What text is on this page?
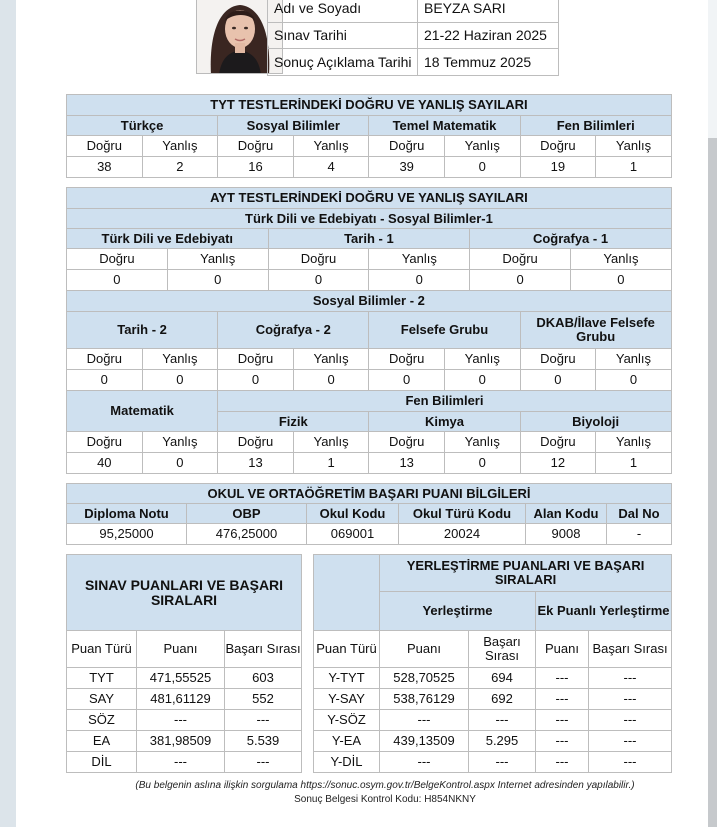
Adı ve Soyadı	BEYZA SARI
Sınav Tarihi	21-22 Haziran 2025
Sonuç Açıklama Tarihi	18 Temmuz 2025
TYT TESTLERİNDEKİ DOĞRU VE YANLIŞ SAYILARI							
Türkçe		Sosyal Bilimler		Temel Matematik		Fen Bilimleri	
Doğru	Yanlış	Doğru	Yanlış	Doğru	Yanlış	Doğru	Yanlış
38	2	16	4	39	0	19	1
AYT TESTLERİNDEKİ DOĞRU VE YANLIŞ SAYILARI					
Türk Dili ve Edebiyatı - Sosyal Bilimler-1					
Türk Dili ve Edebiyatı		Tarih - 1		Coğrafya - 1	
Doğru	Yanlış	Doğru	Yanlış	Doğru	Yanlış
0	0	0	0	0	0
Sosyal Bilimler - 2							
Tarih - 2		Coğrafya - 2		Felsefe Grubu		DKAB/İlave Felsefe Grubu	
Doğru	Yanlış	Doğru	Yanlış	Doğru	Yanlış	Doğru	Yanlış
0	0	0	0	0	0	0	0
Matematik		Fen Bilimleri					
		Fizik		Kimya		Biyoloji	
Doğru	Yanlış	Doğru	Yanlış	Doğru	Yanlış	Doğru	Yanlış
40	0	13	1	13	0	12	1
OKUL VE ORTAÖĞRETİM BAŞARI PUANI BİLGİLERİ					
Diploma Notu	OBP	Okul Kodu	Okul Türü Kodu	Alan Kodu	Dal No
95,25000	476,25000	069001	20024	9008	-
SINAV PUANLARI VE BAŞARI SIRALARI		
Puan Türü	Puanı	Başarı Sırası
TYT	471,55525	603
SAY	481,61129	552
SÖZ	---	---
EA	381,98509	5.539
DİL	---	---
	YERLEŞTİRME PUANLARI VE BAŞARI SIRALARI			
	Yerleştirme		Ek Puanlı Yerleştirme	
Puan Türü	Puanı	Başarı Sırası	Puanı	Başarı Sırası
Y-TYT	528,70525	694	---	---
Y-SAY	538,76129	692	---	---
Y-SÖZ	---	---	---	---
Y-EA	439,13509	5.295	---	---
Y-DİL	---	---	---	---
(Bu belgenin aslına ilişkin sorgulama https://sonuc.osym.gov.tr/BelgeKontrol.aspx Internet adresinden yapılabilir.)
Sonuç Belgesi Kontrol Kodu: H854NKNY
